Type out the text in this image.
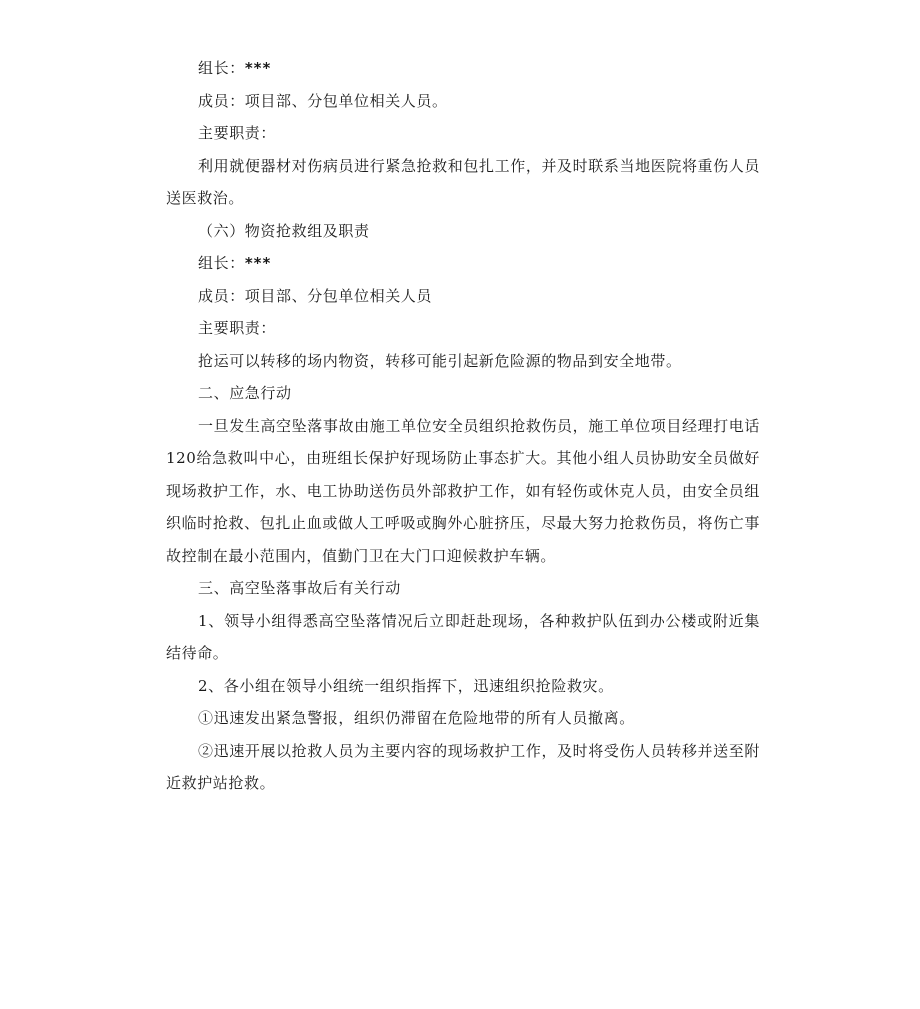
组长：***

成员：项目部、分包单位相关人员。

主要职责：

利用就便器材对伤病员进行紧急抢救和包扎工作，并及时联系当地医院将重伤人员送医救治。

（六）物资抢救组及职责

组长：***

成员：项目部、分包单位相关人员

主要职责：

抢运可以转移的场内物资，转移可能引起新危险源的物品到安全地带。

二、应急行动

一旦发生高空坠落事故由施工单位安全员组织抢救伤员，施工单位项目经理打电话120给急救叫中心，由班组长保护好现场防止事态扩大。其他小组人员协助安全员做好现场救护工作，水、电工协助送伤员外部救护工作，如有轻伤或休克人员，由安全员组织临时抢救、包扎止血或做人工呼吸或胸外心脏挤压，尽最大努力抢救伤员，将伤亡事故控制在最小范围内，值勤门卫在大门口迎候救护车辆。

三、高空坠落事故后有关行动

1、领导小组得悉高空坠落情况后立即赶赴现场，各种救护队伍到办公楼或附近集结待命。

2、各小组在领导小组统一组织指挥下，迅速组织抢险救灾。

①迅速发出紧急警报，组织仍滞留在危险地带的所有人员撤离。

②迅速开展以抢救人员为主要内容的现场救护工作，及时将受伤人员转移并送至附近救护站抢救。
